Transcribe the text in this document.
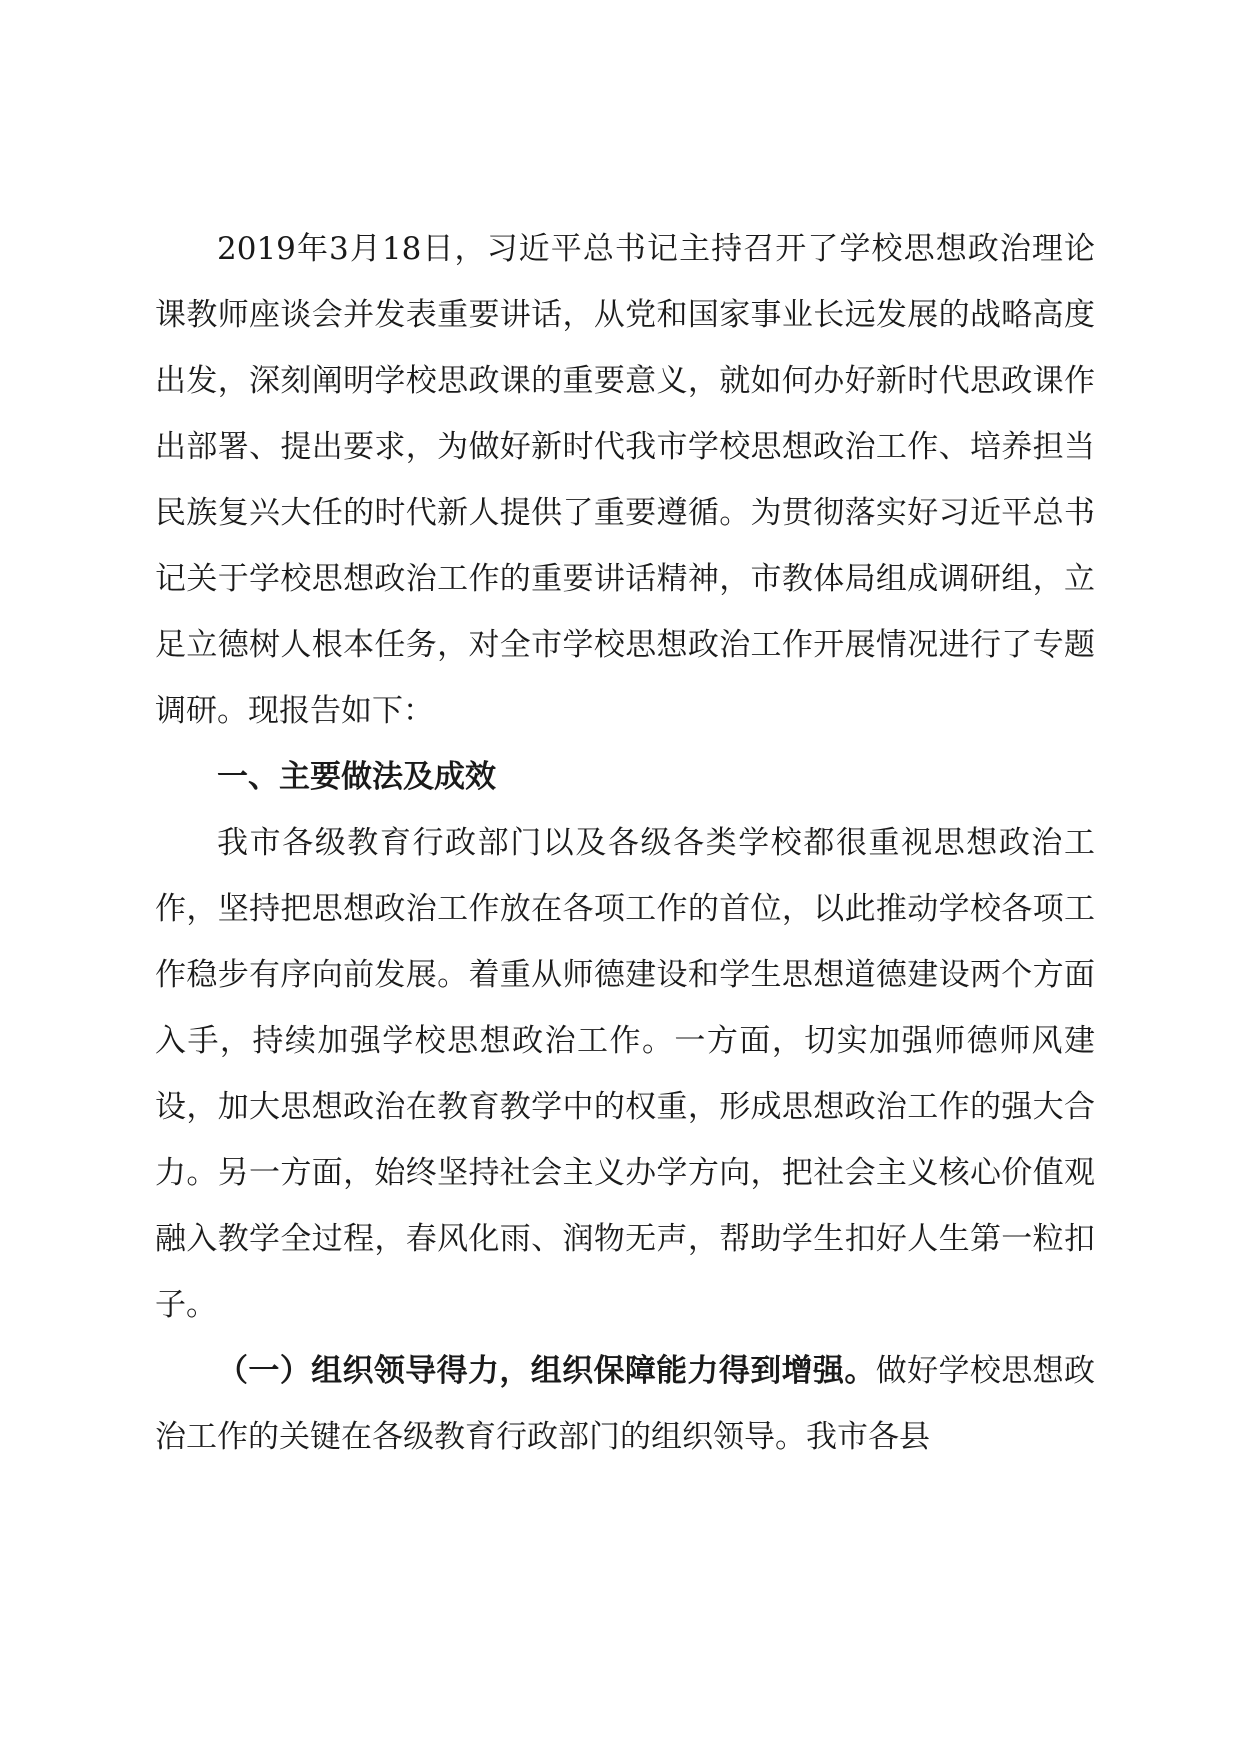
2019年3月18日，习近平总书记主持召开了学校思想政治理论课教师座谈会并发表重要讲话，从党和国家事业长远发展的战略高度出发，深刻阐明学校思政课的重要意义，就如何办好新时代思政课作出部署、提出要求，为做好新时代我市学校思想政治工作、培养担当民族复兴大任的时代新人提供了重要遵循。为贯彻落实好习近平总书记关于学校思想政治工作的重要讲话精神，市教体局组成调研组，立足立德树人根本任务，对全市学校思想政治工作开展情况进行了专题调研。现报告如下：

一、主要做法及成效

我市各级教育行政部门以及各级各类学校都很重视思想政治工作，坚持把思想政治工作放在各项工作的首位，以此推动学校各项工作稳步有序向前发展。着重从师德建设和学生思想道德建设两个方面入手，持续加强学校思想政治工作。一方面，切实加强师德师风建设，加大思想政治在教育教学中的权重，形成思想政治工作的强大合力。另一方面，始终坚持社会主义办学方向，把社会主义核心价值观融入教学全过程，春风化雨、润物无声，帮助学生扣好人生第一粒扣子。

（一）组织领导得力，组织保障能力得到增强。做好学校思想政治工作的关键在各级教育行政部门的组织领导。我市各县
